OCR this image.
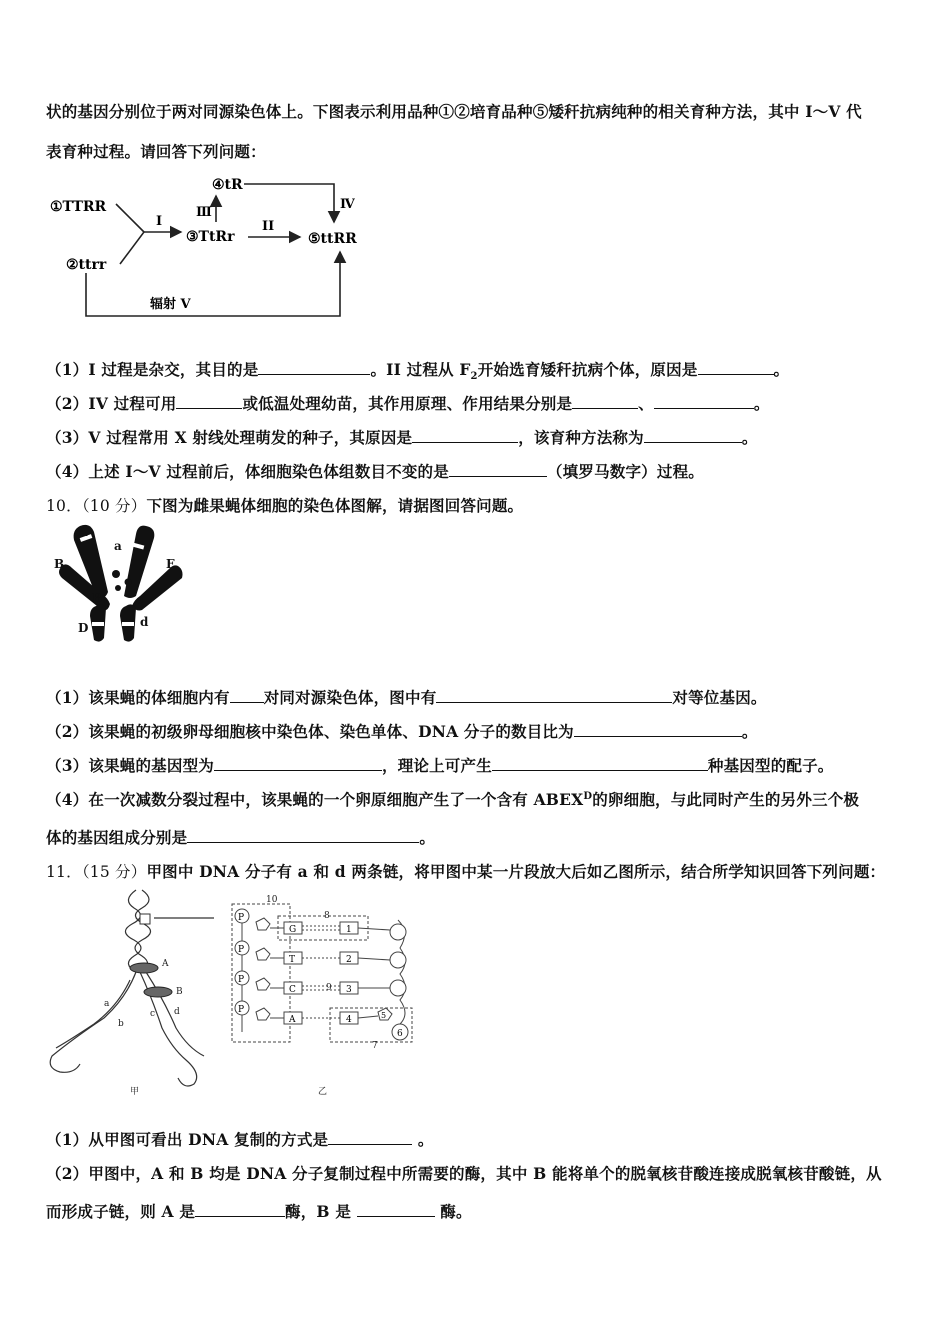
状的基因分别位于两对同源染色体上。下图表示利用品种①②培育品种⑤矮秆抗病纯种的相关育种方法，其中 I～V 代
表育种过程。请回答下列问题：
①TTRR
②ttrr
③TtRr
④tR
⑤ttRR
I
Ⅲ
II
Ⅳ
辐射 V
（1）I 过程是杂交，其目的是	。II 过程从 $F_2$开始选育矮秆抗病个体，原因是	。
（2）IV 过程可用	或低温处理幼苗，其作用原理、作用结果分别是	、	。
（3）V 过程常用 X 射线处理萌发的种子，其原因是	，该育种方法称为	。
（4）上述 I～V 过程前后，体细胞染色体组数目不变的是	（填罗马数字）过程。
10．（10 分）下图为雌果蝇体细胞的染色体图解，请据图回答问题。
A
a
B	E
B	e
D	d
（1）该果蝇的体细胞内有 对同对源染色体，图中有	对等位基因。
（2）该果蝇的初级卵母细胞核中染色体、染色单体、DNA 分子的数目比为	。
（3）该果蝇的基因型为	，理论上可产生	种基因型的配子。
（4）在一次减数分裂过程中，该果蝇的一个卵原细胞产生了一个含有 $ABEX^D$的卵细胞，与此同时产生的另外三个极
体的基因组成分别是	。
11．（15 分）甲图中 DNA 分子有 a 和 d 两条链，将甲图中某一片段放大后如乙图所示，结合所学知识回答下列问题：
A
B
a
b
c d
甲
10
8
9
7
乙
P
G	1
P
T	2
P
C	3
P
A	4	5
6
（1）从甲图可看出 DNA 复制的方式是	。
（2）甲图中，A 和 B 均是 DNA 分子复制过程中所需要的酶，其中 B 能将单个的脱氧核苷酸连接成脱氧核苷酸链，从
而形成子链，则 A 是	酶，B 是	酶。
